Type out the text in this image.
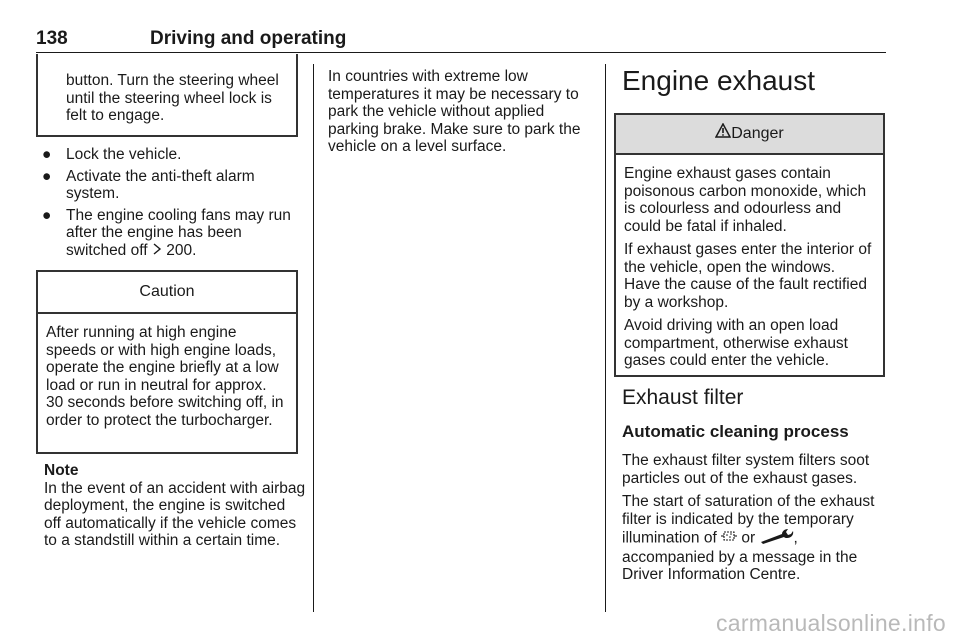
138	Driving and operating
button. Turn the steering wheel until the steering wheel lock is felt to engage.
● Lock the vehicle.
● Activate the anti-theft alarm system.
● The engine cooling fans may run after the engine has been switched off 200.
Caution
After running at high engine speeds or with high engine loads, operate the engine briefly at a low load or run in neutral for approx. 30 seconds before switching off, in order to protect the turbocharger.
Note
In the event of an accident with airbag deployment, the engine is switched off automatically if the vehicle comes to a standstill within a certain time.
In countries with extreme low temperatures it may be necessary to park the vehicle without applied parking brake. Make sure to park the vehicle on a level surface.
Engine exhaust
Danger

Engine exhaust gases contain poisonous carbon monoxide, which is colourless and odourless and could be fatal if inhaled.

If exhaust gases enter the interior of the vehicle, open the windows. Have the cause of the fault rectified by a workshop.

Avoid driving with an open load compartment, otherwise exhaust gases could enter the vehicle.

Exhaust filter
Automatic cleaning process

The exhaust filter system filters soot particles out of the exhaust gases.

The start of saturation of the exhaust filter is indicated by the temporary illumination of or , accompanied by a message in the Driver Information Centre.

carmanualsonline.info
